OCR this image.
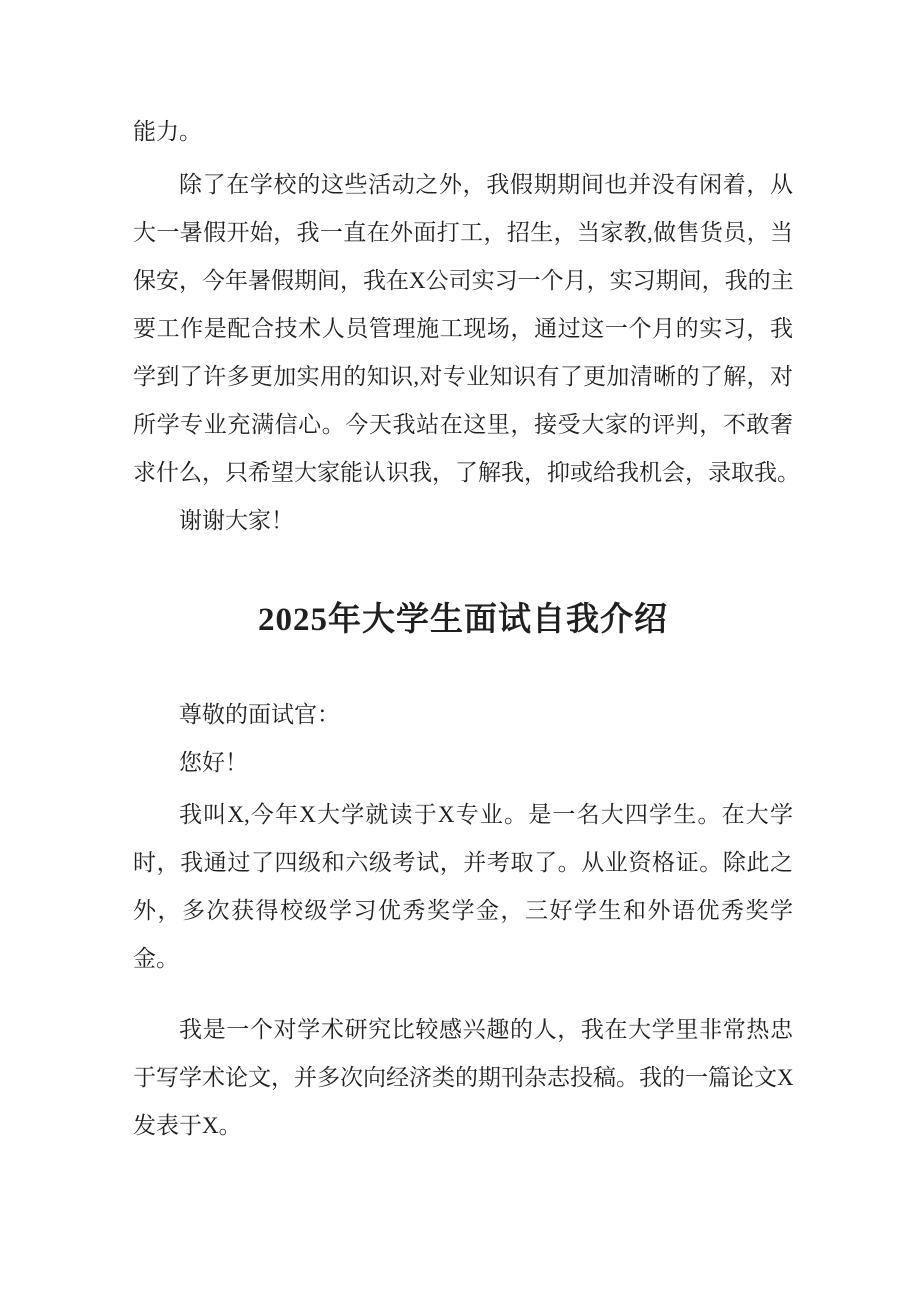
能力。
除了在学校的这些活动之外，我假期期间也并没有闲着，从
大一暑假开始，我一直在外面打工，招生，当家教,做售货员，当
保安，今年暑假期间，我在X公司实习一个月，实习期间，我的主
要工作是配合技术人员管理施工现场，通过这一个月的实习，我
学到了许多更加实用的知识,对专业知识有了更加清晰的了解，对
所学专业充满信心。今天我站在这里，接受大家的评判，不敢奢
求什么，只希望大家能认识我，了解我，抑或给我机会，录取我。
谢谢大家！
2025年大学生面试自我介绍
尊敬的面试官：
您好！
我叫X,今年X大学就读于X专业。是一名大四学生。在大学
时，我通过了四级和六级考试，并考取了。从业资格证。除此之
外，多次获得校级学习优秀奖学金，三好学生和外语优秀奖学
金。
我是一个对学术研究比较感兴趣的人，我在大学里非常热忠
于写学术论文，并多次向经济类的期刊杂志投稿。我的一篇论文X
发表于X。
